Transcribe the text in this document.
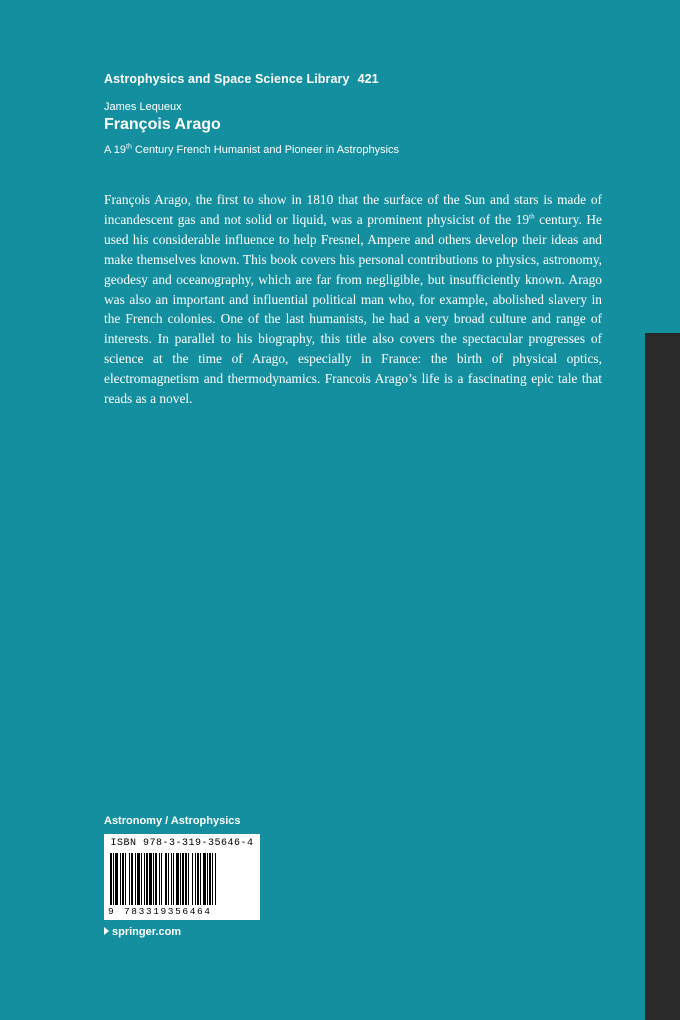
Astrophysics and Space Science Library 421
James Lequeux
François Arago
A 19th Century French Humanist and Pioneer in Astrophysics
François Arago, the first to show in 1810 that the surface of the Sun and stars is made of incandescent gas and not solid or liquid, was a prominent physicist of the 19th century. He used his considerable influence to help Fresnel, Ampere and others develop their ideas and make themselves known. This book covers his personal contributions to physics, astronomy, geodesy and oceanography, which are far from negligible, but insufficiently known. Arago was also an important and influential political man who, for example, abolished slavery in the French colonies. One of the last humanists, he had a very broad culture and range of interests. In parallel to his biography, this title also covers the spectacular progresses of science at the time of Arago, especially in France: the birth of physical optics, electromagnetism and thermodynamics. Francois Arago’s life is a fascinating epic tale that reads as a novel.
Astronomy / Astrophysics
ISBN 978-3-319-35646-4
9 783319356464
springer.com
